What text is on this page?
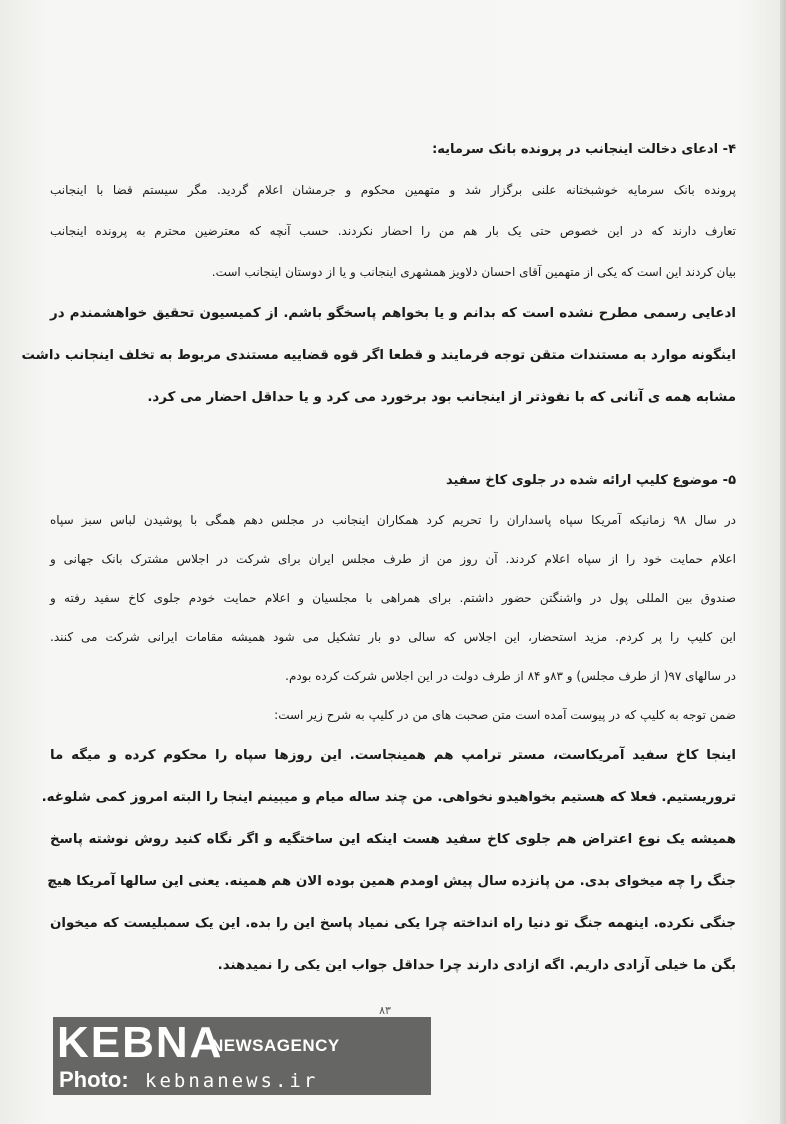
۴- ادعای دخالت اینجانب در پرونده بانک سرمایه:

پرونده بانک سرمایه خوشبختانه علنی برگزار شد و متهمین محکوم و جرمشان اعلام گردید. مگر سیستم قضا با اینجانب
تعارف دارند که در این خصوص حتی یک بار هم من را احضار نکردند. حسب آنچه که معترضین محترم به پرونده اینجانب
بیان کردند این است که یکی از متهمین آقای احسان دلاویز همشهری اینجانب و یا از دوستان اینجانب است.

ادعایی رسمی مطرح نشده است که بدانم و یا بخواهم پاسخگو باشم. از کمیسیون تحقیق خواهشمندم در
اینگونه موارد به مستندات متقن توجه فرمایند و قطعا اگر قوه قضاییه مستندی مربوط به تخلف اینجانب داشت
مشابه همه ی آنانی که با نفوذتر از اینجانب بود برخورد می کرد و یا حداقل احضار می کرد.

۵- موضوع کلیپ ارائه شده در جلوی کاخ سفید

در سال ۹۸ زمانیکه آمریکا سپاه پاسداران را تحریم کرد همکاران اینجانب در مجلس دهم همگی با پوشیدن لباس سبز سپاه
اعلام حمایت خود را از سپاه اعلام کردند. آن روز من از طرف مجلس ایران برای شرکت در اجلاس مشترک بانک جهانی و
صندوق بین المللی پول در واشنگتن حضور داشتم. برای همراهی با مجلسیان و اعلام حمایت خودم جلوی کاخ سفید رفته و
این کلیپ را پر کردم. مزید استحضار، این اجلاس که سالی دو بار تشکیل می شود همیشه مقامات ایرانی شرکت می کنند.
در سالهای ۹۷( از طرف مجلس) و ۸۳و ۸۴ از طرف دولت در این اجلاس شرکت کرده بودم.
ضمن توجه به کلیپ که در پیوست آمده است متن صحبت های من در کلیپ به شرح زیر است:

اینجا کاخ سفید آمریکاست، مستر ترامپ هم همینجاست. این روزها سپاه را محکوم کرده و میگه ما
تروریستیم. فعلا که هستیم بخواهیدو نخواهی. من چند ساله میام و میبینم اینجا را البته امروز کمی شلوغه.
همیشه یک نوع اعتراض هم جلوی کاخ سفید هست اینکه این ساختگیه و اگر نگاه کنید روش نوشته پاسخ
جنگ را چه میخوای بدی. من پانزده سال پیش اومدم همین بوده الان هم همینه. یعنی این سالها آمریکا هیچ
جنگی نکرده. اینهمه جنگ تو دنیا راه انداخته چرا یکی نمیاد پاسخ این را بده. این یک سمبلیست که میخوان
بگن ما خیلی آزادی داریم. اگه ازادی دارند چرا حداقل جواب این یکی را نمیدهند.

۸۳
KEBNA
NEWSAGENCY
Photo: kebnanews.ir
